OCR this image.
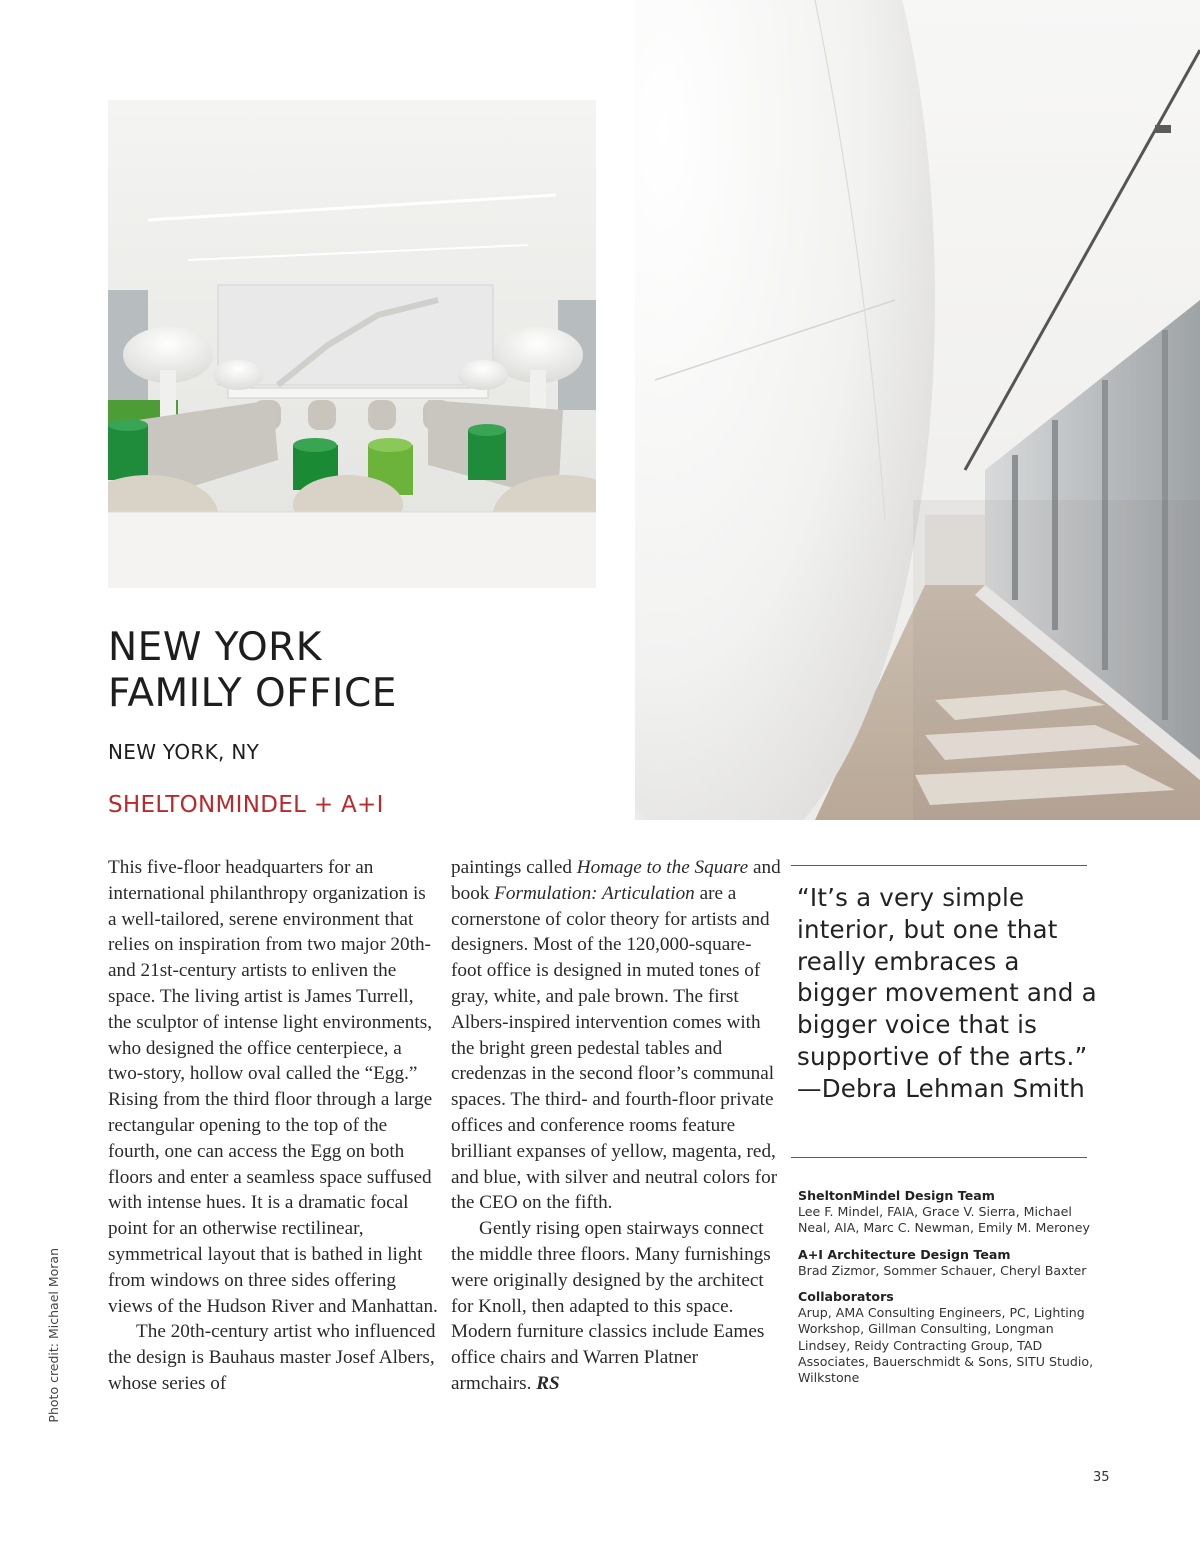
NEW YORK
FAMILY OFFICE
NEW YORK, NY
SHELTONMINDEL + A+I

This five-floor headquarters for an international philanthropy organization is a well-tailored, serene environment that relies on inspiration from two major 20th- and 21st-century artists to enliven the space. The living artist is James Turrell, the sculptor of intense light environments, who designed the office centerpiece, a two-story, hollow oval called the “Egg.” Rising from the third floor through a large rectangular opening to the top of the fourth, one can access the Egg on both floors and enter a seamless space suffused with intense hues. It is a dramatic focal point for an otherwise rectilinear, symmetrical layout that is bathed in light from windows on three sides offering views of the Hudson River and Manhattan.

The 20th-century artist who influenced the design is Bauhaus master Josef Albers, whose series of

paintings called Homage to the Square and book Formulation: Articulation are a cornerstone of color theory for artists and designers. Most of the 120,000-square-foot office is designed in muted tones of gray, white, and pale brown. The first Albers-inspired intervention comes with the bright green pedestal tables and credenzas in the second floor’s communal spaces. The third- and fourth-floor private offices and conference rooms feature brilliant expanses of yellow, magenta, red, and blue, with silver and neutral colors for the CEO on the fifth.

Gently rising open stairways connect the middle three floors. Many furnishings were originally designed by the architect for Knoll, then adapted to this space. Modern furniture classics include Eames office chairs and Warren Platner armchairs. RS

“It’s a very simple interior, but one that really embraces a bigger movement and a bigger voice that is supportive of the arts.” —Debra Lehman Smith
SheltonMindel Design Team
Lee F. Mindel, FAIA, Grace V. Sierra, Michael Neal, AIA, Marc C. Newman, Emily M. Meroney
A+I Architecture Design Team
Brad Zizmor, Sommer Schauer, Cheryl Baxter
Collaborators
Arup, AMA Consulting Engineers, PC, Lighting Workshop, Gillman Consulting, Longman Lindsey, Reidy Contracting Group, TAD Associates, Bauerschmidt & Sons, SITU Studio, Wilkstone
Photo credit: Michael Moran
35
